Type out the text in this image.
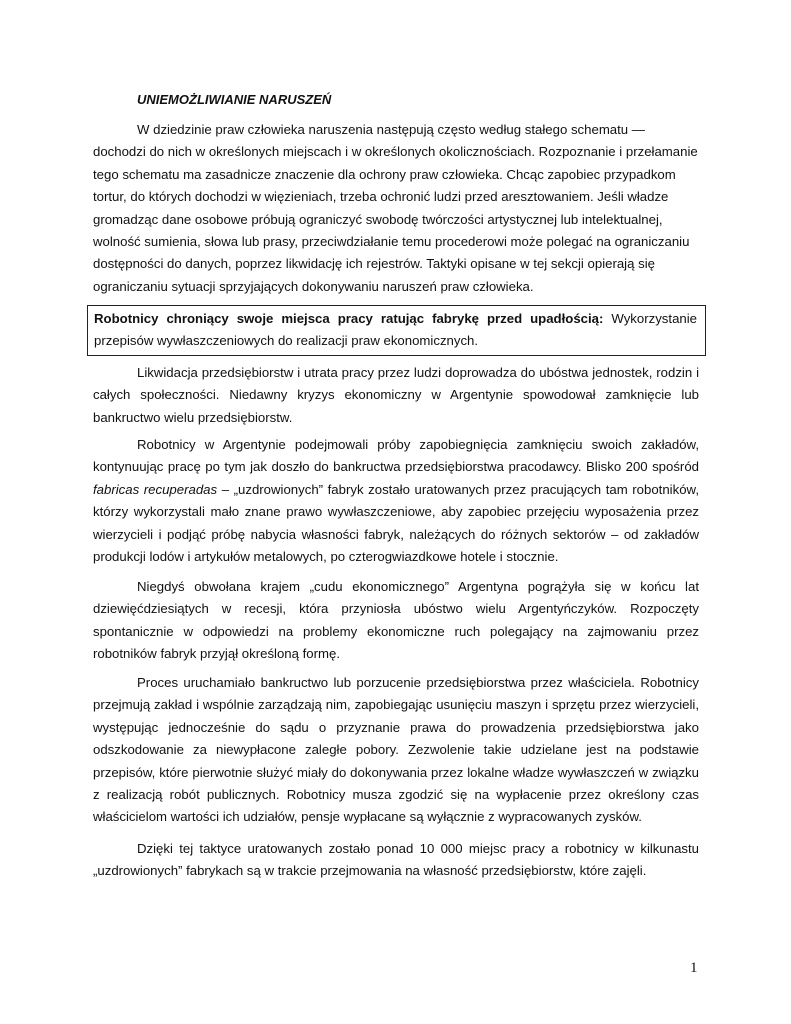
UNIEMOŻLIWIANIE NARUSZEŃ

W dziedzinie praw człowieka naruszenia następują często według stałego schematu — dochodzi do nich w określonych miejscach i w określonych okolicznościach. Rozpoznanie i przełamanie tego schematu ma zasadnicze znaczenie dla ochrony praw człowieka. Chcąc zapobiec przypadkom tortur, do których dochodzi w więzieniach, trzeba ochronić ludzi przed aresztowaniem. Jeśli władze gromadząc dane osobowe próbują ograniczyć swobodę twórczości artystycznej lub intelektualnej, wolność sumienia, słowa lub prasy, przeciwdziałanie temu procederowi może polegać na ograniczaniu dostępności do danych, poprzez likwidację ich rejestrów. Taktyki opisane w tej sekcji opierają się ograniczaniu sytuacji sprzyjających dokonywaniu naruszeń praw człowieka.

Robotnicy chroniący swoje miejsca pracy ratując fabrykę przed upadłością: Wykorzystanie przepisów wywłaszczeniowych do realizacji praw ekonomicznych.

Likwidacja przedsiębiorstw i utrata pracy przez ludzi doprowadza do ubóstwa jednostek, rodzin i całych społeczności. Niedawny kryzys ekonomiczny w Argentynie spowodował zamknięcie lub bankructwo wielu przedsiębiorstw.

Robotnicy w Argentynie podejmowali próby zapobiegnięcia zamknięciu swoich zakładów, kontynuując pracę po tym jak doszło do bankructwa przedsiębiorstwa pracodawcy. Blisko 200 spośród fabricas recuperadas – „uzdrowionych” fabryk zostało uratowanych przez pracujących tam robotników, którzy wykorzystali mało znane prawo wywłaszczeniowe, aby zapobiec przejęciu wyposażenia przez wierzycieli i podjąć próbę nabycia własności fabryk, należących do różnych sektorów – od zakładów produkcji lodów i artykułów metalowych, po czterogwiazdkowe hotele i stocznie.

Niegdyś obwołana krajem „cudu ekonomicznego” Argentyna pogrążyła się w końcu lat dziewięćdziesiątych w recesji, która przyniosła ubóstwo wielu Argentyńczyków. Rozpoczęty spontanicznie w odpowiedzi na problemy ekonomiczne ruch polegający na zajmowaniu przez robotników fabryk przyjął określoną formę.

Proces uruchamiało bankructwo lub porzucenie przedsiębiorstwa przez właściciela. Robotnicy przejmują zakład i wspólnie zarządzają nim, zapobiegając usunięciu maszyn i sprzętu przez wierzycieli, występując jednocześnie do sądu o przyznanie prawa do prowadzenia przedsiębiorstwa jako odszkodowanie za niewypłacone zaległe pobory. Zezwolenie takie udzielane jest na podstawie przepisów, które pierwotnie służyć miały do dokonywania przez lokalne władze wywłaszczeń w związku z realizacją robót publicznych. Robotnicy musza zgodzić się na wypłacenie przez określony czas właścicielom wartości ich udziałów, pensje wypłacane są wyłącznie z wypracowanych zysków.

Dzięki tej taktyce uratowanych zostało ponad 10 000 miejsc pracy a robotnicy w kilkunastu „uzdrowionych” fabrykach są w trakcie przejmowania na własność przedsiębiorstw, które zajęli.

1
